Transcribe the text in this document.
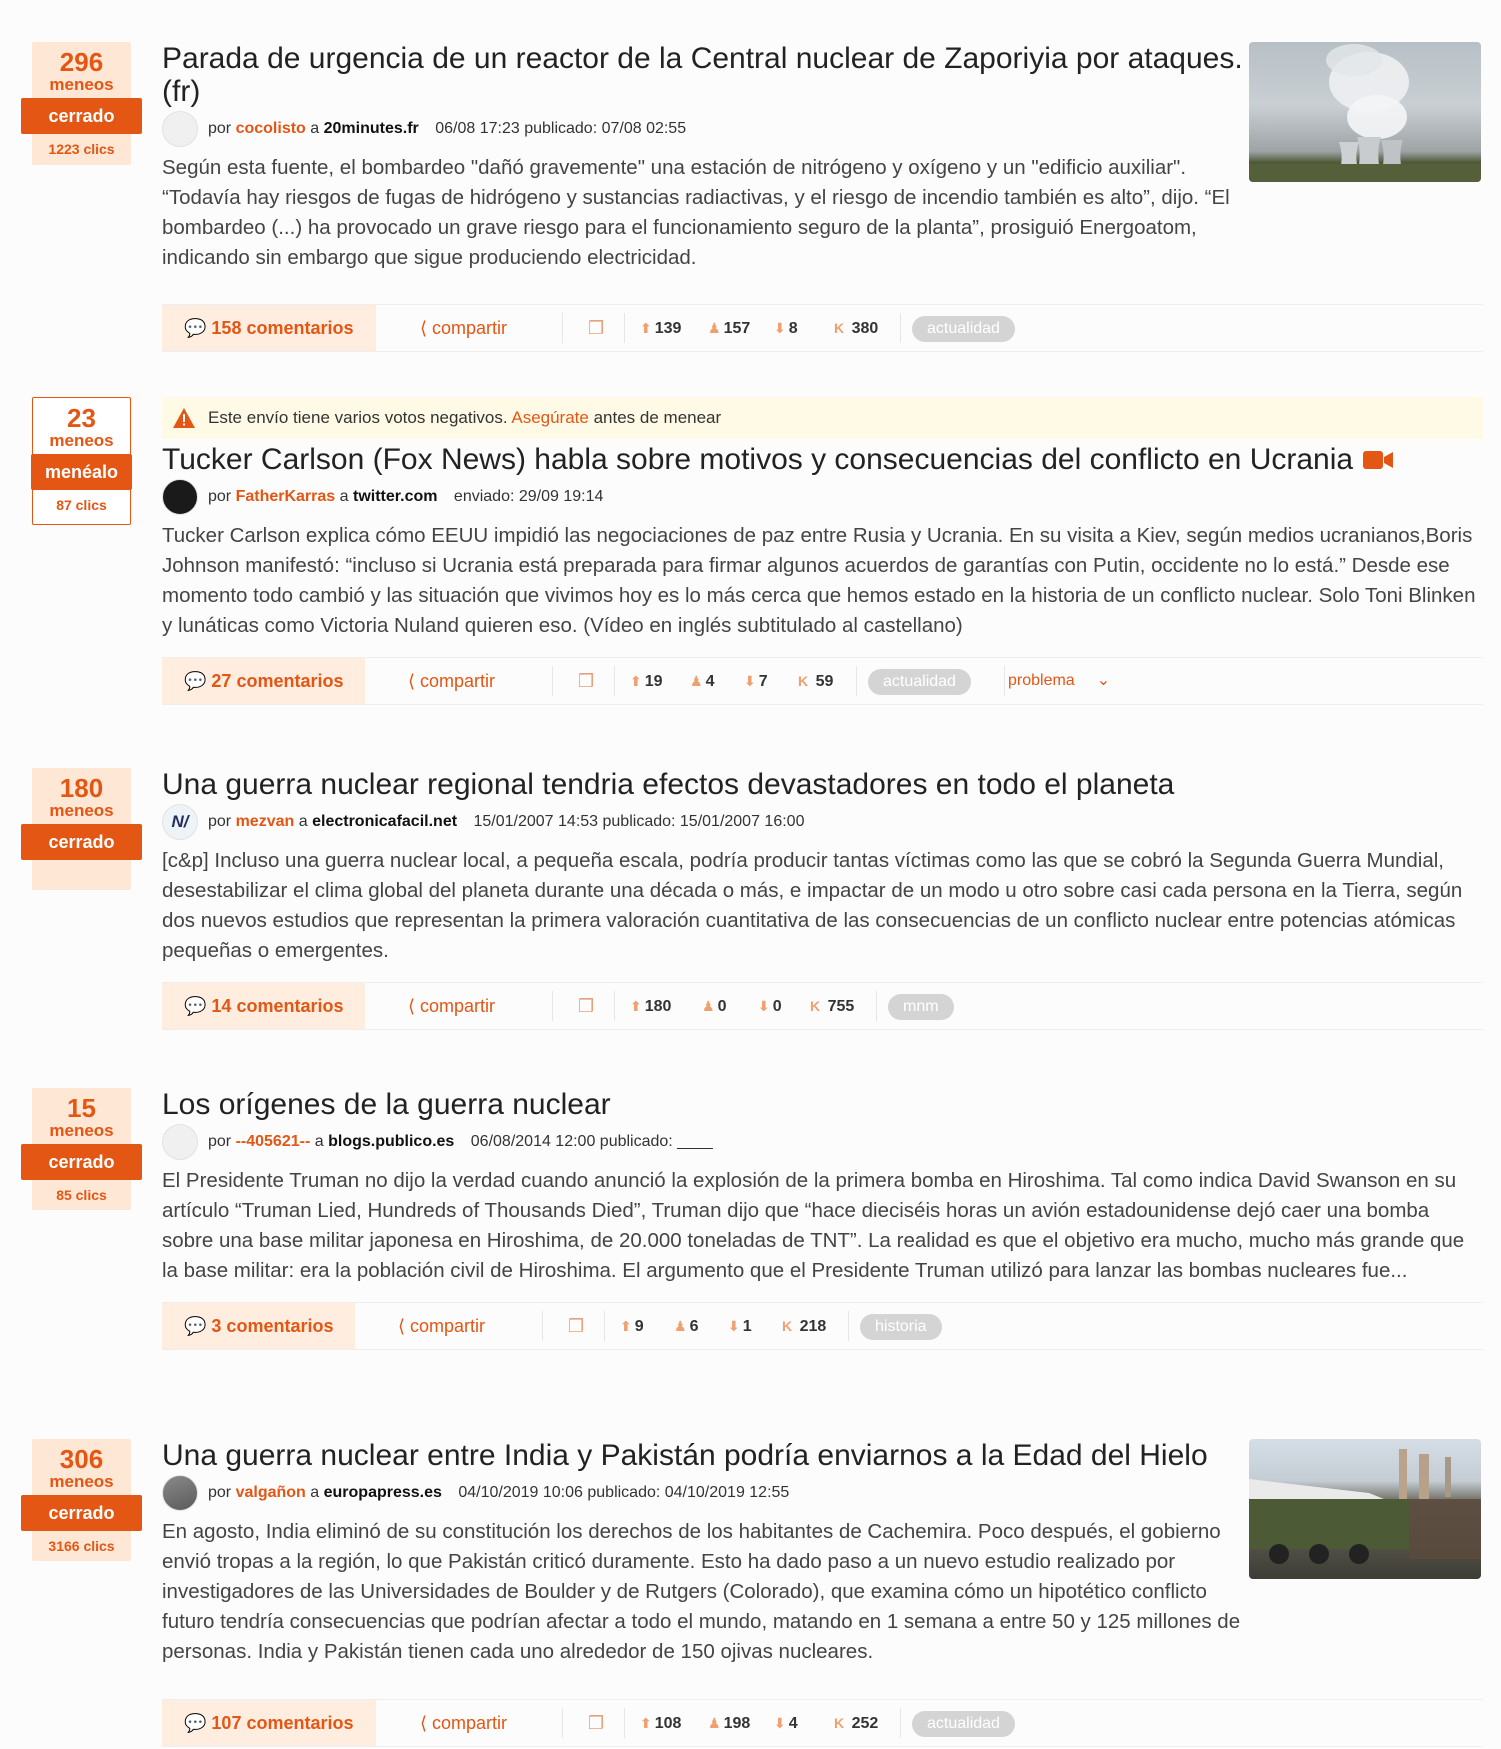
296
meneos
cerrado
1223 clics
Parada de urgencia de un reactor de la Central nuclear de Zaporiyia por ataques.(fr)
por cocolisto a 20minutes.fr 06/08 17:23 publicado: 07/08 02:55

Según esta fuente, el bombardeo "dañó gravemente" una estación de nitrógeno y oxígeno y un "edificio auxiliar". “Todavía hay riesgos de fugas de hidrógeno y sustancias radiactivas, y el riesgo de incendio también es alto”, dijo. “El bombardeo (...) ha provocado un grave riesgo para el funcionamiento seguro de la planta”, prosiguió Energoatom, indicando sin embargo que sigue produciendo electricidad.

💬 158 comentarios	⟨ compartir	❒	⬆ 139 ♟ 157 ⬇ 8	K 380	actualidad
23
meneos
menéalo
87 clics
Este envío tiene varios votos negativos. Asegúrate antes de menear
Tucker Carlson (Fox News) habla sobre motivos y consecuencias del conflicto en Ucrania
por FatherKarras a twitter.com enviado: 29/09 19:14

Tucker Carlson explica cómo EEUU impidió las negociaciones de paz entre Rusia y Ucrania. En su visita a Kiev, según medios ucranianos,Boris Johnson manifestó: “incluso si Ucrania está preparada para firmar algunos acuerdos de garantías con Putin, occidente no lo está.” Desde ese momento todo cambió y las situación que vivimos hoy es lo más cerca que hemos estado en la historia de un conflicto nuclear. Solo Toni Blinken y lunáticas como Victoria Nuland quieren eso. (Vídeo en inglés subtitulado al castellano)

💬 27 comentarios	⟨ compartir	❒	⬆ 19 ♟ 4 ⬇ 7 K 59	actualidad	problema ⌄
180
meneos
cerrado
Una guerra nuclear regional tendria efectos devastadores en todo el planeta
N/	por mezvan a electronicafacil.net 15/01/2007 14:53 publicado: 15/01/2007 16:00

[c&p] Incluso una guerra nuclear local, a pequeña escala, podría producir tantas víctimas como las que se cobró la Segunda Guerra Mundial, desestabilizar el clima global del planeta durante una década o más, e impactar de un modo u otro sobre casi cada persona en la Tierra, según dos nuevos estudios que representan la primera valoración cuantitativa de las consecuencias de un conflicto nuclear entre potencias atómicas pequeñas o emergentes.

💬 14 comentarios	⟨ compartir	❒	⬆ 180 ♟ 0 ⬇ 0 K 755	mnm
15
meneos
cerrado
85 clics
Los orígenes de la guerra nuclear
por --405621-- a blogs.publico.es 06/08/2014 12:00 publicado: ____

El Presidente Truman no dijo la verdad cuando anunció la explosión de la primera bomba en Hiroshima. Tal como indica David Swanson en su artículo “Truman Lied, Hundreds of Thousands Died”, Truman dijo que “hace dieciséis horas un avión estadounidense dejó caer una bomba sobre una base militar japonesa en Hiroshima, de 20.000 toneladas de TNT”. La realidad es que el objetivo era mucho, mucho más grande que la base militar: era la población civil de Hiroshima. El argumento que el Presidente Truman utilizó para lanzar las bombas nucleares fue...

💬 3 comentarios	⟨ compartir	❒	⬆ 9 ♟ 6 ⬇ 1 K 218	historia
306
meneos
cerrado
3166 clics
Una guerra nuclear entre India y Pakistán podría enviarnos a la Edad del Hielo
por valgañon a europapress.es 04/10/2019 10:06 publicado: 04/10/2019 12:55

En agosto, India eliminó de su constitución los derechos de los habitantes de Cachemira. Poco después, el gobierno envió tropas a la región, lo que Pakistán criticó duramente. Esto ha dado paso a un nuevo estudio realizado por investigadores de las Universidades de Boulder y de Rutgers (Colorado), que examina cómo un hipotético conflicto futuro tendría consecuencias que podrían afectar a todo el mundo, matando en 1 semana a entre 50 y 125 millones de personas. India y Pakistán tienen cada uno alrededor de 150 ojivas nucleares.

💬 107 comentarios	⟨ compartir	❒	⬆ 108 ♟ 198 ⬇ 4	K 252	actualidad
